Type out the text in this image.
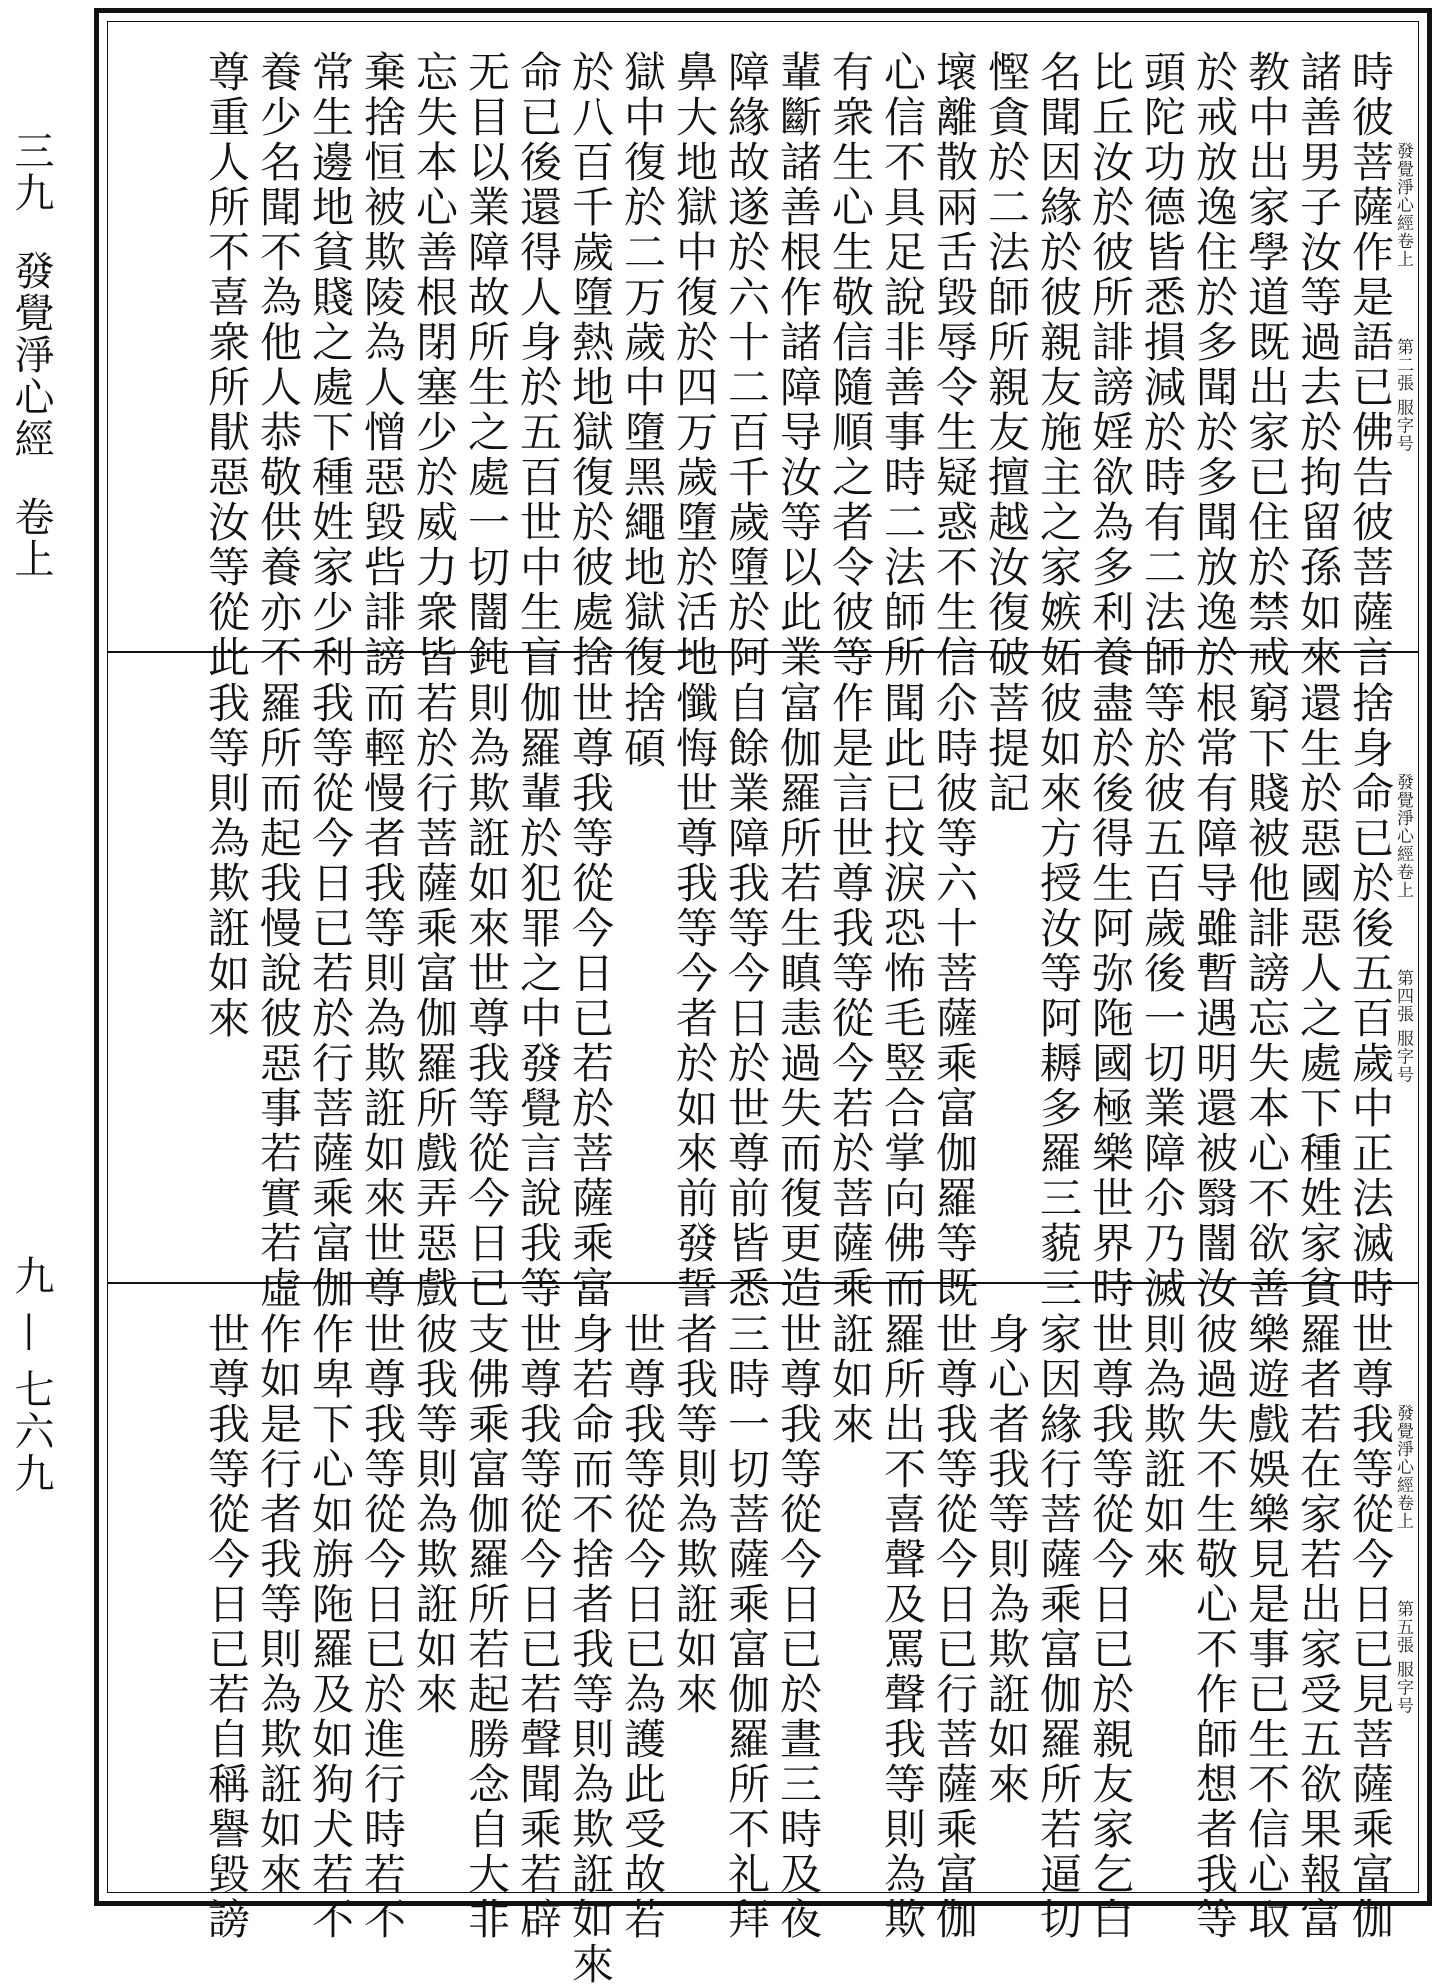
三九發覺淨心經卷上
九 — 七六九
發覺淨心經卷上第二張 服字号
時彼菩薩作是語已佛告彼菩薩言
諸善男子汝等過去於拘留孫如來
教中出家學道既出家已住於禁戒
於戒放逸住於多聞於多聞放逸於
頭陀功德皆悉損減於時有二法師
比丘汝於彼所誹謗婬欲為多利養
名聞因緣於彼親友施主之家嫉妬
慳貪於二法師所親友擅越汝復破
壞離散兩舌毀辱令生疑惑不生信
心信不具足說非善事時二法師所
有衆生心生敬信隨順之者令彼等
輩斷諸善根作諸障导汝等以此業
障緣故遂於六十二百千歲墮於阿
鼻大地獄中復於四万歲墮於活地
獄中復於二万歲中墮黑繩地獄復
於八百千歲墮熱地獄復於彼處捨
命已後還得人身於五百世中生盲
无目以業障故所生之處一切闇鈍
忘失本心善根閉塞少於威力衆皆
棄捨恒被欺陵為人憎惡毀呰誹謗
常生邊地貧賤之處下種姓家少利
養少名聞不為他人恭敬供養亦不
尊重人所不喜衆所猒惡汝等從此
發覺淨心經卷上第四張 服字号
捨身命已於後五百歲中正法滅時
還生於惡國惡人之處下種姓家貧
窮下賤被他誹謗忘失本心不欲善
根常有障导雖暫遇明還被翳闇汝
等於彼五百歲後一切業障尒乃滅
盡於後得生阿弥陁國極樂世界時
彼如來方授汝等阿耨多羅三藐三
菩提記
尒時彼等六十菩薩乘富伽羅等既
聞此已抆淚恐怖毛竪合掌向佛而
作是言世尊我等從今若於菩薩乘
富伽羅所若生瞋恚過失而復更造
自餘業障我等今日於世尊前皆悉
懺悔世尊我等今者於如來前發誓
捨碩
世尊我等從今日已若於菩薩乘富
伽羅輩於犯罪之中發覺言說我等
則為欺誑如來世尊我等從今日已
若於行菩薩乘富伽羅所戲弄惡戲
而輕慢者我等則為欺誑如來世尊
我等從今日已若於行菩薩乘富伽
羅所而起我慢說彼惡事若實若虛
我等則為欺誑如來
發覺淨心經卷上第五張 服字号
世尊我等從今日已見菩薩乘富伽
羅者若在家若出家受五欲果報富
樂遊戲娛樂見是事已生不信心取
彼過失不生敬心不作師想者我等
則為欺誑如來
世尊我等從今日已於親友家乞白
家因緣行菩薩乘富伽羅所若逼切
身心者我等則為欺誑如來
世尊我等從今日已行菩薩乘富伽
羅所出不喜聲及罵聲我等則為欺
誑如來
世尊我等從今日已於晝三時及夜
三時一切菩薩乘富伽羅所不礼拜
者我等則為欺誑如來
世尊我等從今日已為護此受故若
身若命而不捨者我等則為欺誑如來
世尊我等從今日已若聲聞乘若辟
支佛乘富伽羅所若起勝念自大非
彼我等則為欺誑如來
世尊我等從今日已於進行時若不
作卑下心如旃陁羅及如狗犬若不
作如是行者我等則為欺誑如來
世尊我等從今日已若自稱譽毀謗
